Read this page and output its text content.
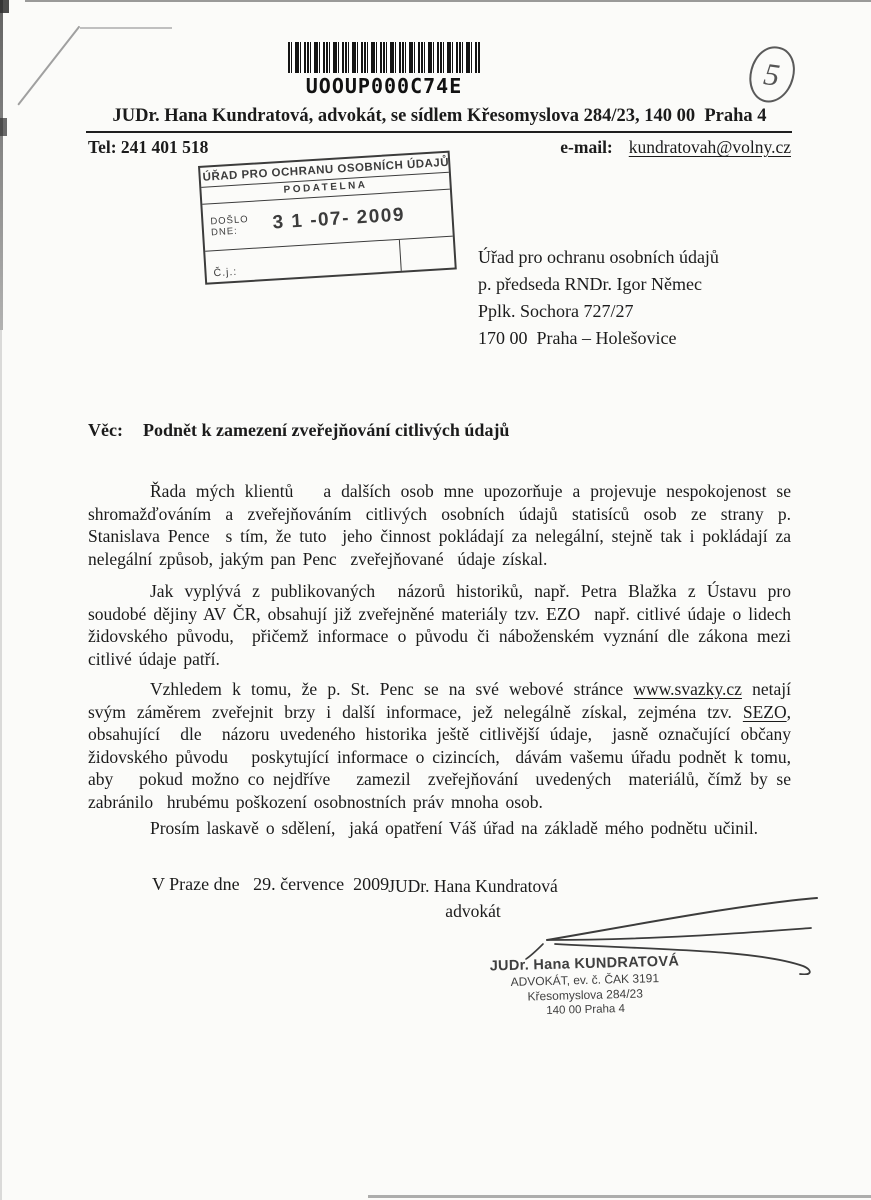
UOOUP000C74E	5
JUDr. Hana Kundratová, advokát, se sídlem Křesomyslova 284/23, 140 00  Praha 4
Tel: 241 401 518	e-mail: kundratovah@volny.cz
ÚŘAD PRO OCHRANU OSOBNÍCH ÚDAJŮ
PODATELNA
DOŠLO
DNE:	3 1 -07- 2009
Č.j.:
Úřad pro ochranu osobních údajů
p. předseda RNDr. Igor Němec
Pplk. Sochora 727/27
170 00  Praha – Holešovice
Věc: Podnět k zamezení zveřejňování citlivých údajů

Řada mých klientů   a dalších osob mne upozorňuje a projevuje nespokojenost se shromažďováním a zveřejňováním citlivých osobních údajů statisíců osob ze strany p. Stanislava Pence  s tím, že tuto  jeho činnost pokládají za nelegální, stejně tak i pokládají za nelegální způsob, jakým pan Penc  zveřejňované  údaje získal.

Jak vyplývá z publikovaných  názorů historiků, např. Petra Blažka z Ústavu pro soudobé dějiny AV ČR, obsahují již zveřejněné materiály tzv. EZO  např. citlivé údaje o lidech židovského původu,  přičemž informace o původu či náboženském vyznání dle zákona mezi citlivé údaje patří.

Vzhledem k tomu, že p. St. Penc se na své webové stránce www.svazky.cz netají svým záměrem zveřejnit brzy i další informace, jež nelegálně získal, zejména tzv. SEZO, obsahující  dle  názoru uvedeného historika ještě citlivější údaje,  jasně označující občany židovského původu   poskytující informace o cizincích,  dávám vašemu úřadu podnět k tomu, aby   pokud možno co nejdříve   zamezil  zveřejňování  uvedených  materiálů, čímž by se zabránilo  hrubému poškození osobnostních práv mnoha osob.

Prosím laskavě o sdělení,  jaká opatření Váš úřad na základě mého podnětu učinil.

V Praze dne   29. července  2009 JUDr. Hana Kundratová
advokát
JUDr. Hana KUNDRATOVÁ
ADVOKÁT, ev. č. ČAK 3191
Křesomyslova 284/23
140 00 Praha 4
